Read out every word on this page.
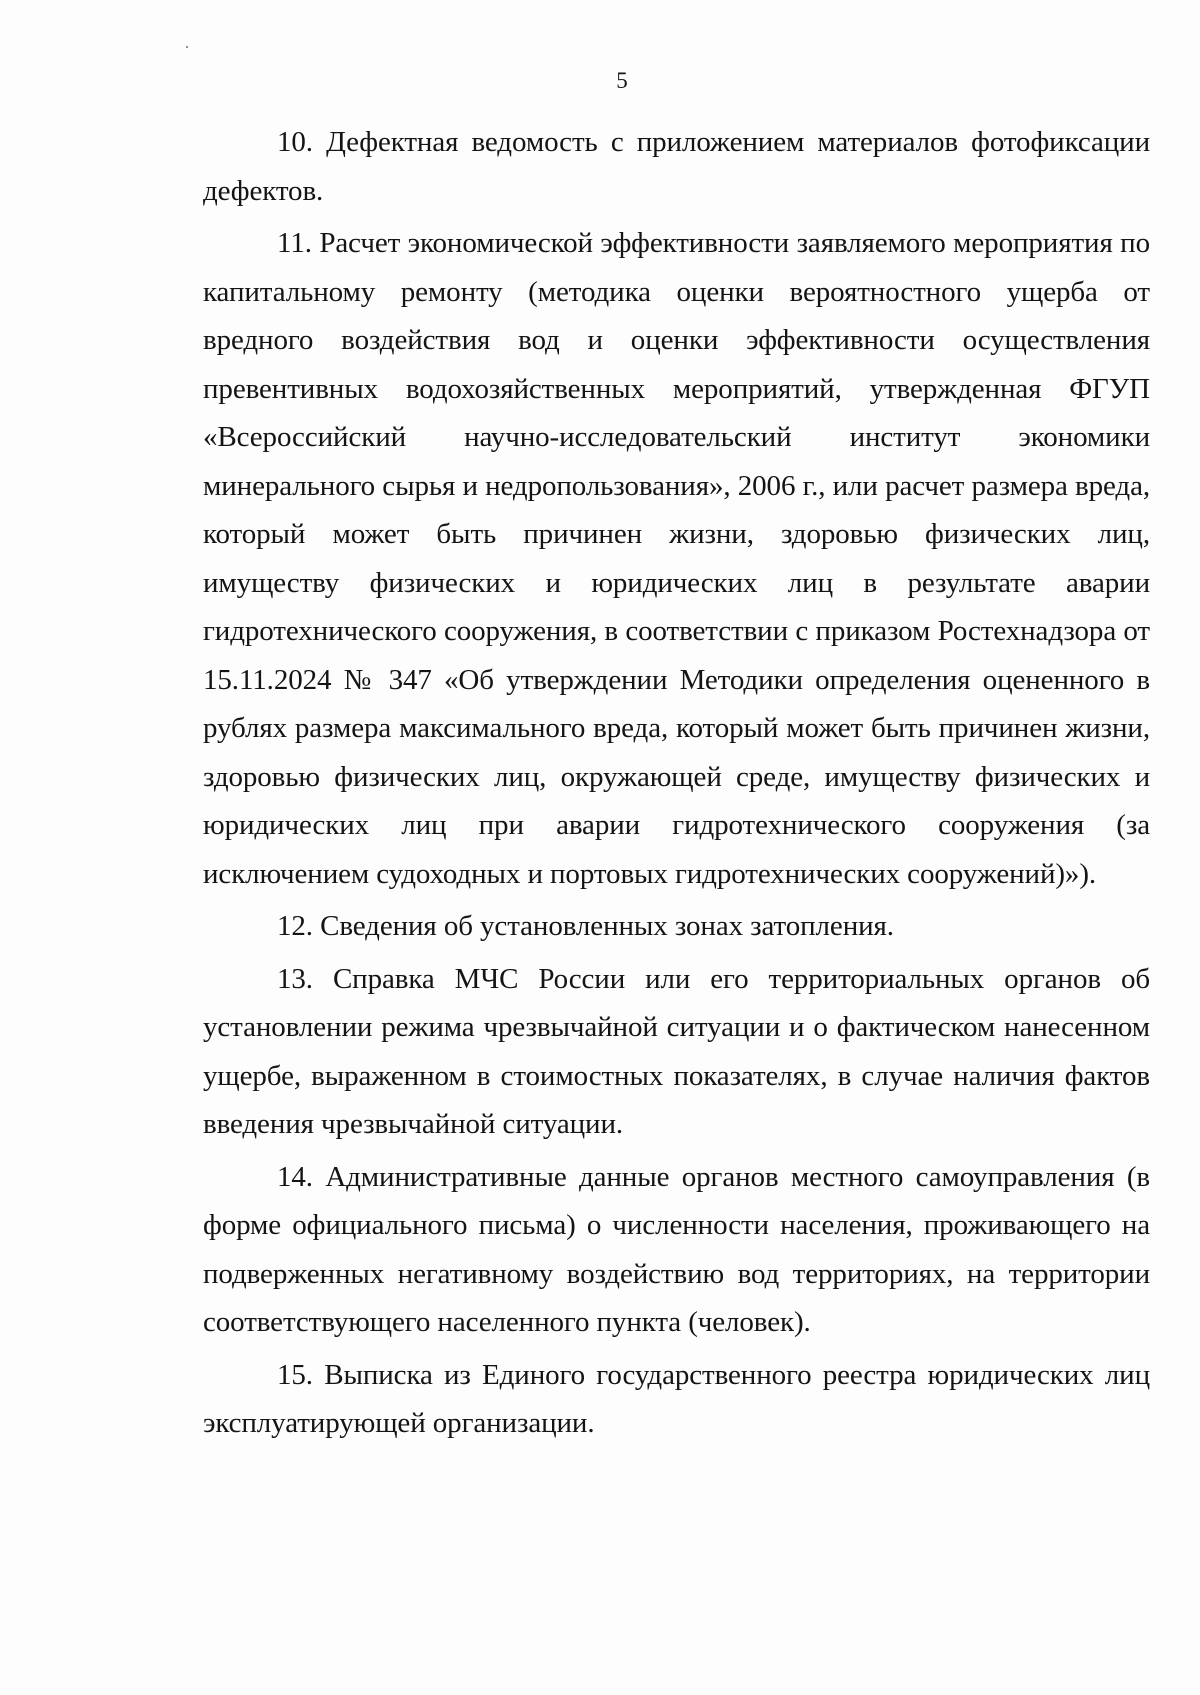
5

10. Дефектная ведомость с приложением материалов фотофиксации дефектов.

11. Расчет экономической эффективности заявляемого мероприятия по капитальному ремонту (методика оценки вероятностного ущерба от вредного воздействия вод и оценки эффективности осуществления превентивных водохозяйственных мероприятий, утвержденная ФГУП «Всероссийский научно-исследовательский институт экономики минерального сырья и недропользования», 2006 г., или расчет размера вреда, который может быть причинен жизни, здоровью физических лиц, имуществу физических и юридических лиц в результате аварии гидротехнического сооружения, в соответствии с приказом Ростехнадзора от 15.11.2024 № 347 «Об утверждении Методики определения оцененного в рублях размера максимального вреда, который может быть причинен жизни, здоровью физических лиц, окружающей среде, имуществу физических и юридических лиц при аварии гидротехнического сооружения (за исключением судоходных и портовых гидротехнических сооружений)»).

12. Сведения об установленных зонах затопления.

13. Справка МЧС России или его территориальных органов об установлении режима чрезвычайной ситуации и о фактическом нанесенном ущербе, выраженном в стоимостных показателях, в случае наличия фактов введения чрезвычайной ситуации.

14. Административные данные органов местного самоуправления (в форме официального письма) о численности населения, проживающего на подверженных негативному воздействию вод территориях, на территории соответствующего населенного пункта (человек).

15. Выписка из Единого государственного реестра юридических лиц эксплуатирующей организации.
